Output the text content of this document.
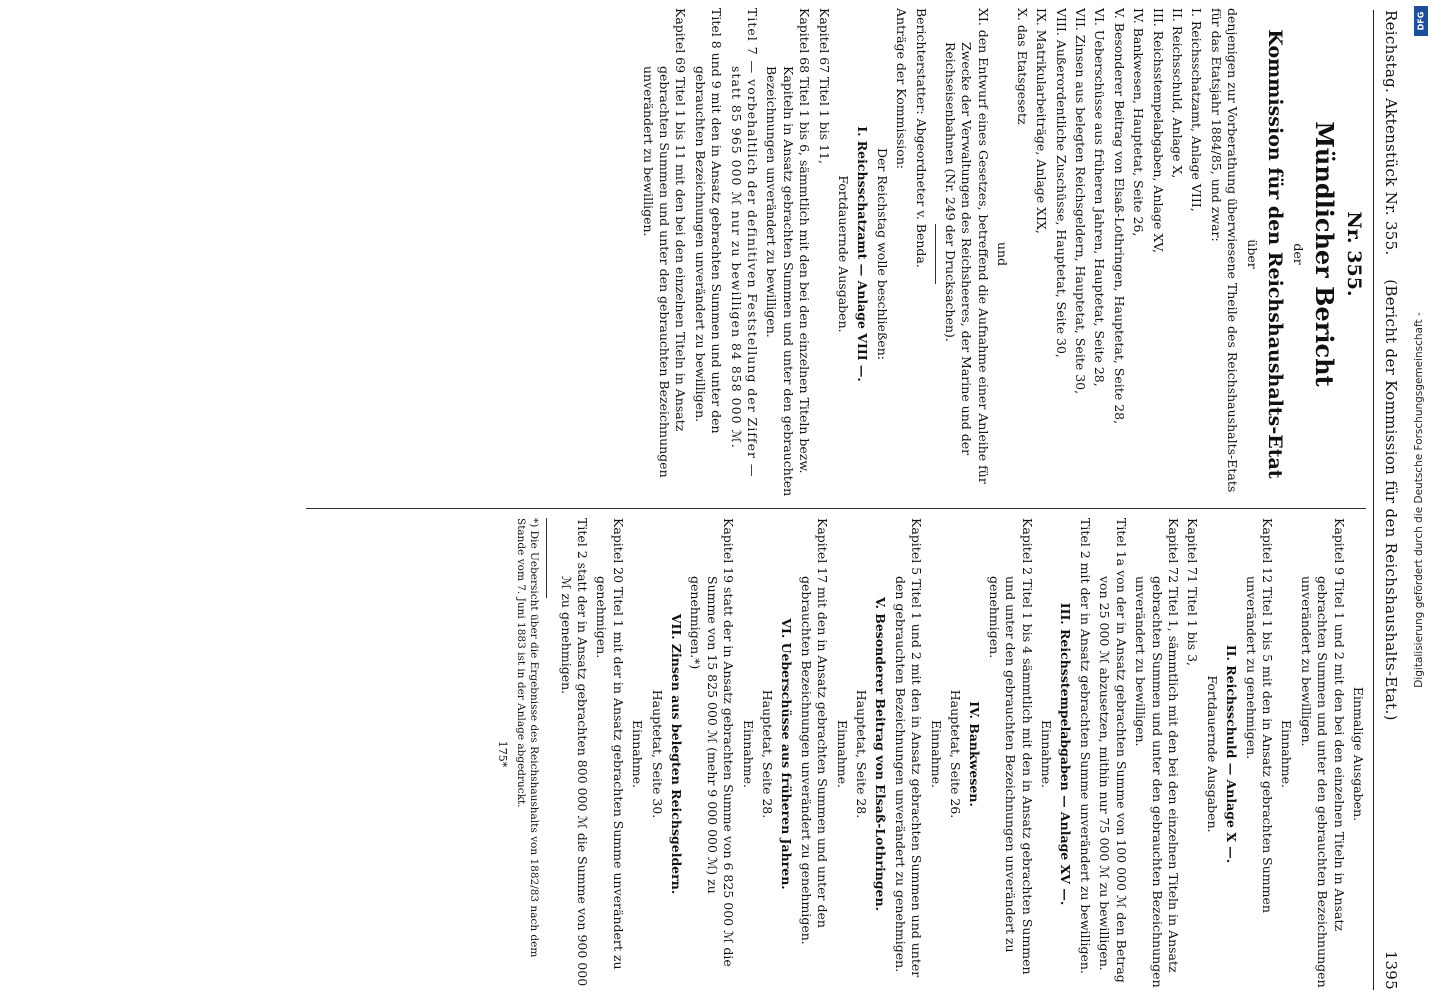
Reichstag. Aktenstück Nr. 355.
(Bericht der Kommission für den Reichshaushalts-Etat.)
1395

Nr. 355.

Mündlicher Bericht

der

Kommission für den Reichshaushalts-Etat

über

denjenigen zur Vorberathung überwiesene Theile des Reichshaushalts-Etats für das Etatsjahr 1884/85, und zwar:

I. Reichsschatzamt, Anlage VIII,

II. Reichsschuld, Anlage X,

III. Reichsstempelabgaben, Anlage XV,

IV. Bankwesen, Hauptetat, Seite 26,

V. Besonderer Beitrag von Elsaß-Lothringen, Hauptetat, Seite 28,

VI. Ueberschüsse aus früheren Jahren, Hauptetat, Seite 28,

VII. Zinsen aus belegten Reichsgeldern, Hauptetat, Seite 30,

VIII. Außerordentliche Zuschüsse, Hauptetat, Seite 30,

IX. Matrikularbeiträge, Anlage XIX,

X. das Etatsgesetz

und

XI. den Entwurf eines Gesetzes, betreffend die Aufnahme einer Anleihe für Zwecke der Verwaltungen des Reichsheeres, der Marine und der Reichseisenbahnen (Nr. 249 der Drucksachen).

Berichterstatter: Abgeordneter v. Benda.

Anträge der Kommission:

Der Reichstag wolle beschließen:

I. Reichsschatzamt — Anlage VIII —.

Fortdauernde Ausgaben.

Kapitel 67 Titel 1 bis 11,

Kapitel 68 Titel 1 bis 6, sämmtlich mit den bei den einzelnen Titeln bezw. Kapiteln in Ansatz gebrachten Summen und unter den gebrauchten Bezeichnungen unverändert zu bewilligen.

Titel 7 — vorbehaltlich der definitiven Feststellung der Ziffer — statt 85 965 000 ℳ nur zu bewilligen 84 858 000 ℳ.

Titel 8 und 9 mit den in Ansatz gebrachten Summen und unter den gebrauchten Bezeichnungen unverändert zu bewilligen.

Kapitel 69 Titel 1 bis 11 mit den bei den einzelnen Titeln in Ansatz gebrachten Summen und unter den gebrauchten Bezeichnungen unverändert zu bewilligen.

Einmalige Ausgaben.

Kapitel 9 Titel 1 und 2 mit den bei den einzelnen Titeln in Ansatz gebrachten Summen und unter den gebrauchten Bezeichnungen unverändert zu bewilligen.

Einnahme.

Kapitel 12 Titel 1 bis 5 mit den in Ansatz gebrachten Summen unverändert zu genehmigen.

II. Reichsschuld — Anlage X —.

Fortdauernde Ausgaben.

Kapitel 71 Titel 1 bis 3,

Kapitel 72 Titel 1, sämmtlich mit den bei den einzelnen Titeln in Ansatz gebrachten Summen und unter den gebrauchten Bezeichnungen unverändert zu bewilligen.

Titel 1a von der in Ansatz gebrachten Summe von 100 000 ℳ den Betrag von 25 000 ℳ abzusetzen, mithin nur 75 000 ℳ zu bewilligen.

Titel 2 mit der in Ansatz gebrachten Summe unverändert zu bewilligen.

III. Reichsstempelabgaben — Anlage XV —.

Einnahme.

Kapitel 2 Titel 1 bis 4 sämmtlich mit den in Ansatz gebrachten Summen und unter den gebrauchten Bezeichnungen unverändert zu genehmigen.

IV. Bankwesen.

Hauptetat, Seite 26.

Einnahme.

Kapitel 5 Titel 1 und 2 mit den in Ansatz gebrachten Summen und unter den gebrauchten Bezeichnungen unverändert zu genehmigen.

V. Besonderer Beitrag von Elsaß-Lothringen.

Hauptetat, Seite 28.

Einnahme.

Kapitel 17 mit den in Ansatz gebrachten Summen und unter den gebrauchten Bezeichnungen unverändert zu genehmigen.

VI. Ueberschüsse aus früheren Jahren.

Hauptetat, Seite 28.

Einnahme.

Kapitel 19 statt der in Ansatz gebrachten Summe von 6 825 000 ℳ die Summe von 15 825 000 ℳ (mehr 9 000 000 ℳ) zu genehmigen.*)

VII. Zinsen aus belegten Reichsgeldern.

Hauptetat, Seite 30.

Einnahme.

Kapitel 20 Titel 1 mit der in Ansatz gebrachten Summe unverändert zu genehmigen.

Titel 2 statt der in Ansatz gebrachten 800 000 ℳ die Summe von 900 000 ℳ zu genehmigen.

*) Die Uebersicht über die Ergebnisse des Reichshaushalts von 1882/83 nach dem Stande vom 7. Juni 1883 ist in der Anlage abgedruckt.

175*

Digitalisierung gefördert durch die Deutsche Forschungsgemeinschaft -
DFG
